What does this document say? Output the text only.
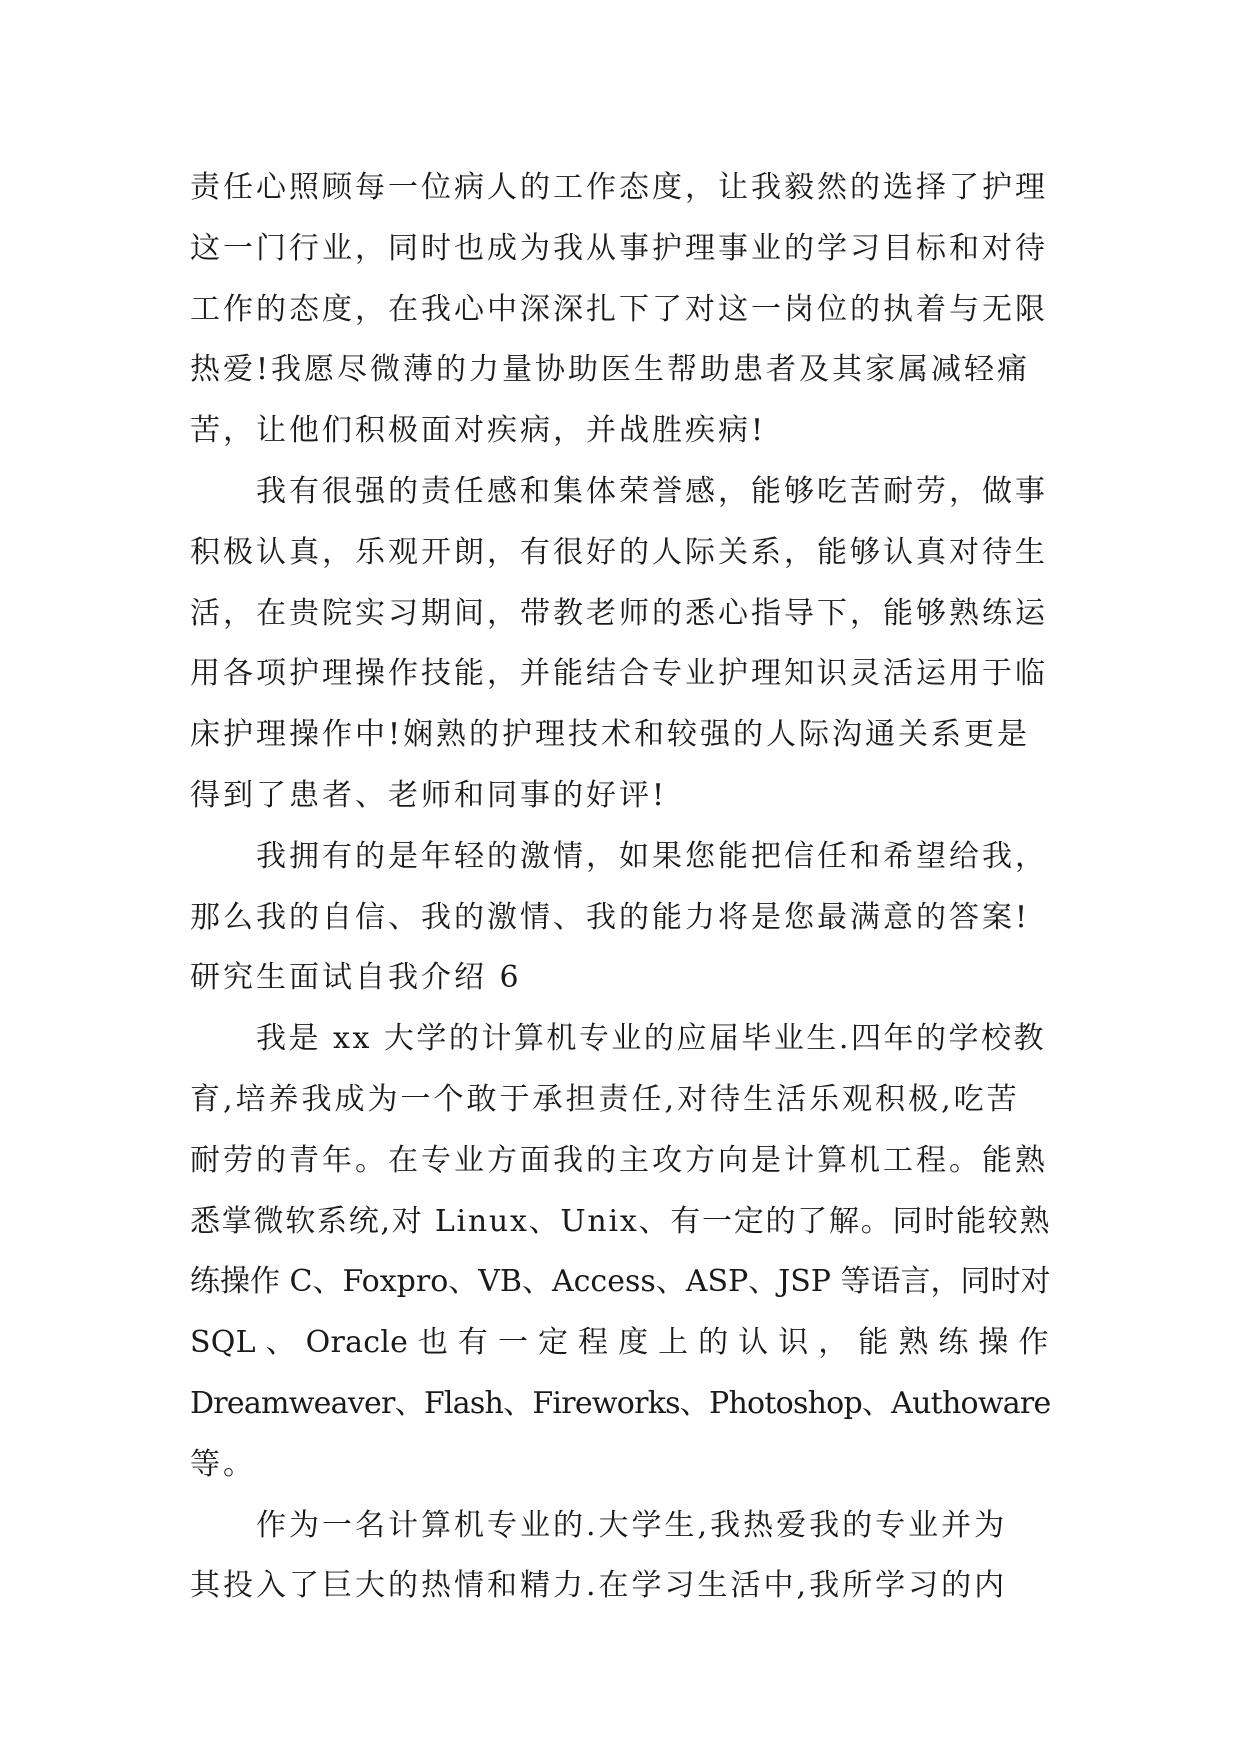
责任心照顾每一位病人的工作态度，让我毅然的选择了护理
这一门行业，同时也成为我从事护理事业的学习目标和对待
工作的态度，在我心中深深扎下了对这一岗位的执着与无限
热爱!我愿尽微薄的力量协助医生帮助患者及其家属减轻痛
苦，让他们积极面对疾病，并战胜疾病!
我有很强的责任感和集体荣誉感，能够吃苦耐劳，做事
积极认真，乐观开朗，有很好的人际关系，能够认真对待生
活，在贵院实习期间，带教老师的悉心指导下，能够熟练运
用各项护理操作技能，并能结合专业护理知识灵活运用于临
床护理操作中!娴熟的护理技术和较强的人际沟通关系更是
得到了患者、老师和同事的好评!
我拥有的是年轻的激情，如果您能把信任和希望给我，
那么我的自信、我的激情、我的能力将是您最满意的答案!
研究生面试自我介绍 6
我是 xx 大学的计算机专业的应届毕业生.四年的学校教
育,培养我成为一个敢于承担责任,对待生活乐观积极,吃苦
耐劳的青年。在专业方面我的主攻方向是计算机工程。能熟
悉掌微软系统,对 Linux、Unix、有一定的了解。同时能较熟
练操作 C、Foxpro、VB、Access、ASP、JSP 等语言，同时对
SQL 、 Oracle 也 有 一 定 程 度 上 的 认 识 ， 能 熟 练 操 作
Dreamweaver、Flash、Fireworks、Photoshop、Authoware
等。
作为一名计算机专业的.大学生,我热爱我的专业并为
其投入了巨大的热情和精力.在学习生活中,我所学习的内
